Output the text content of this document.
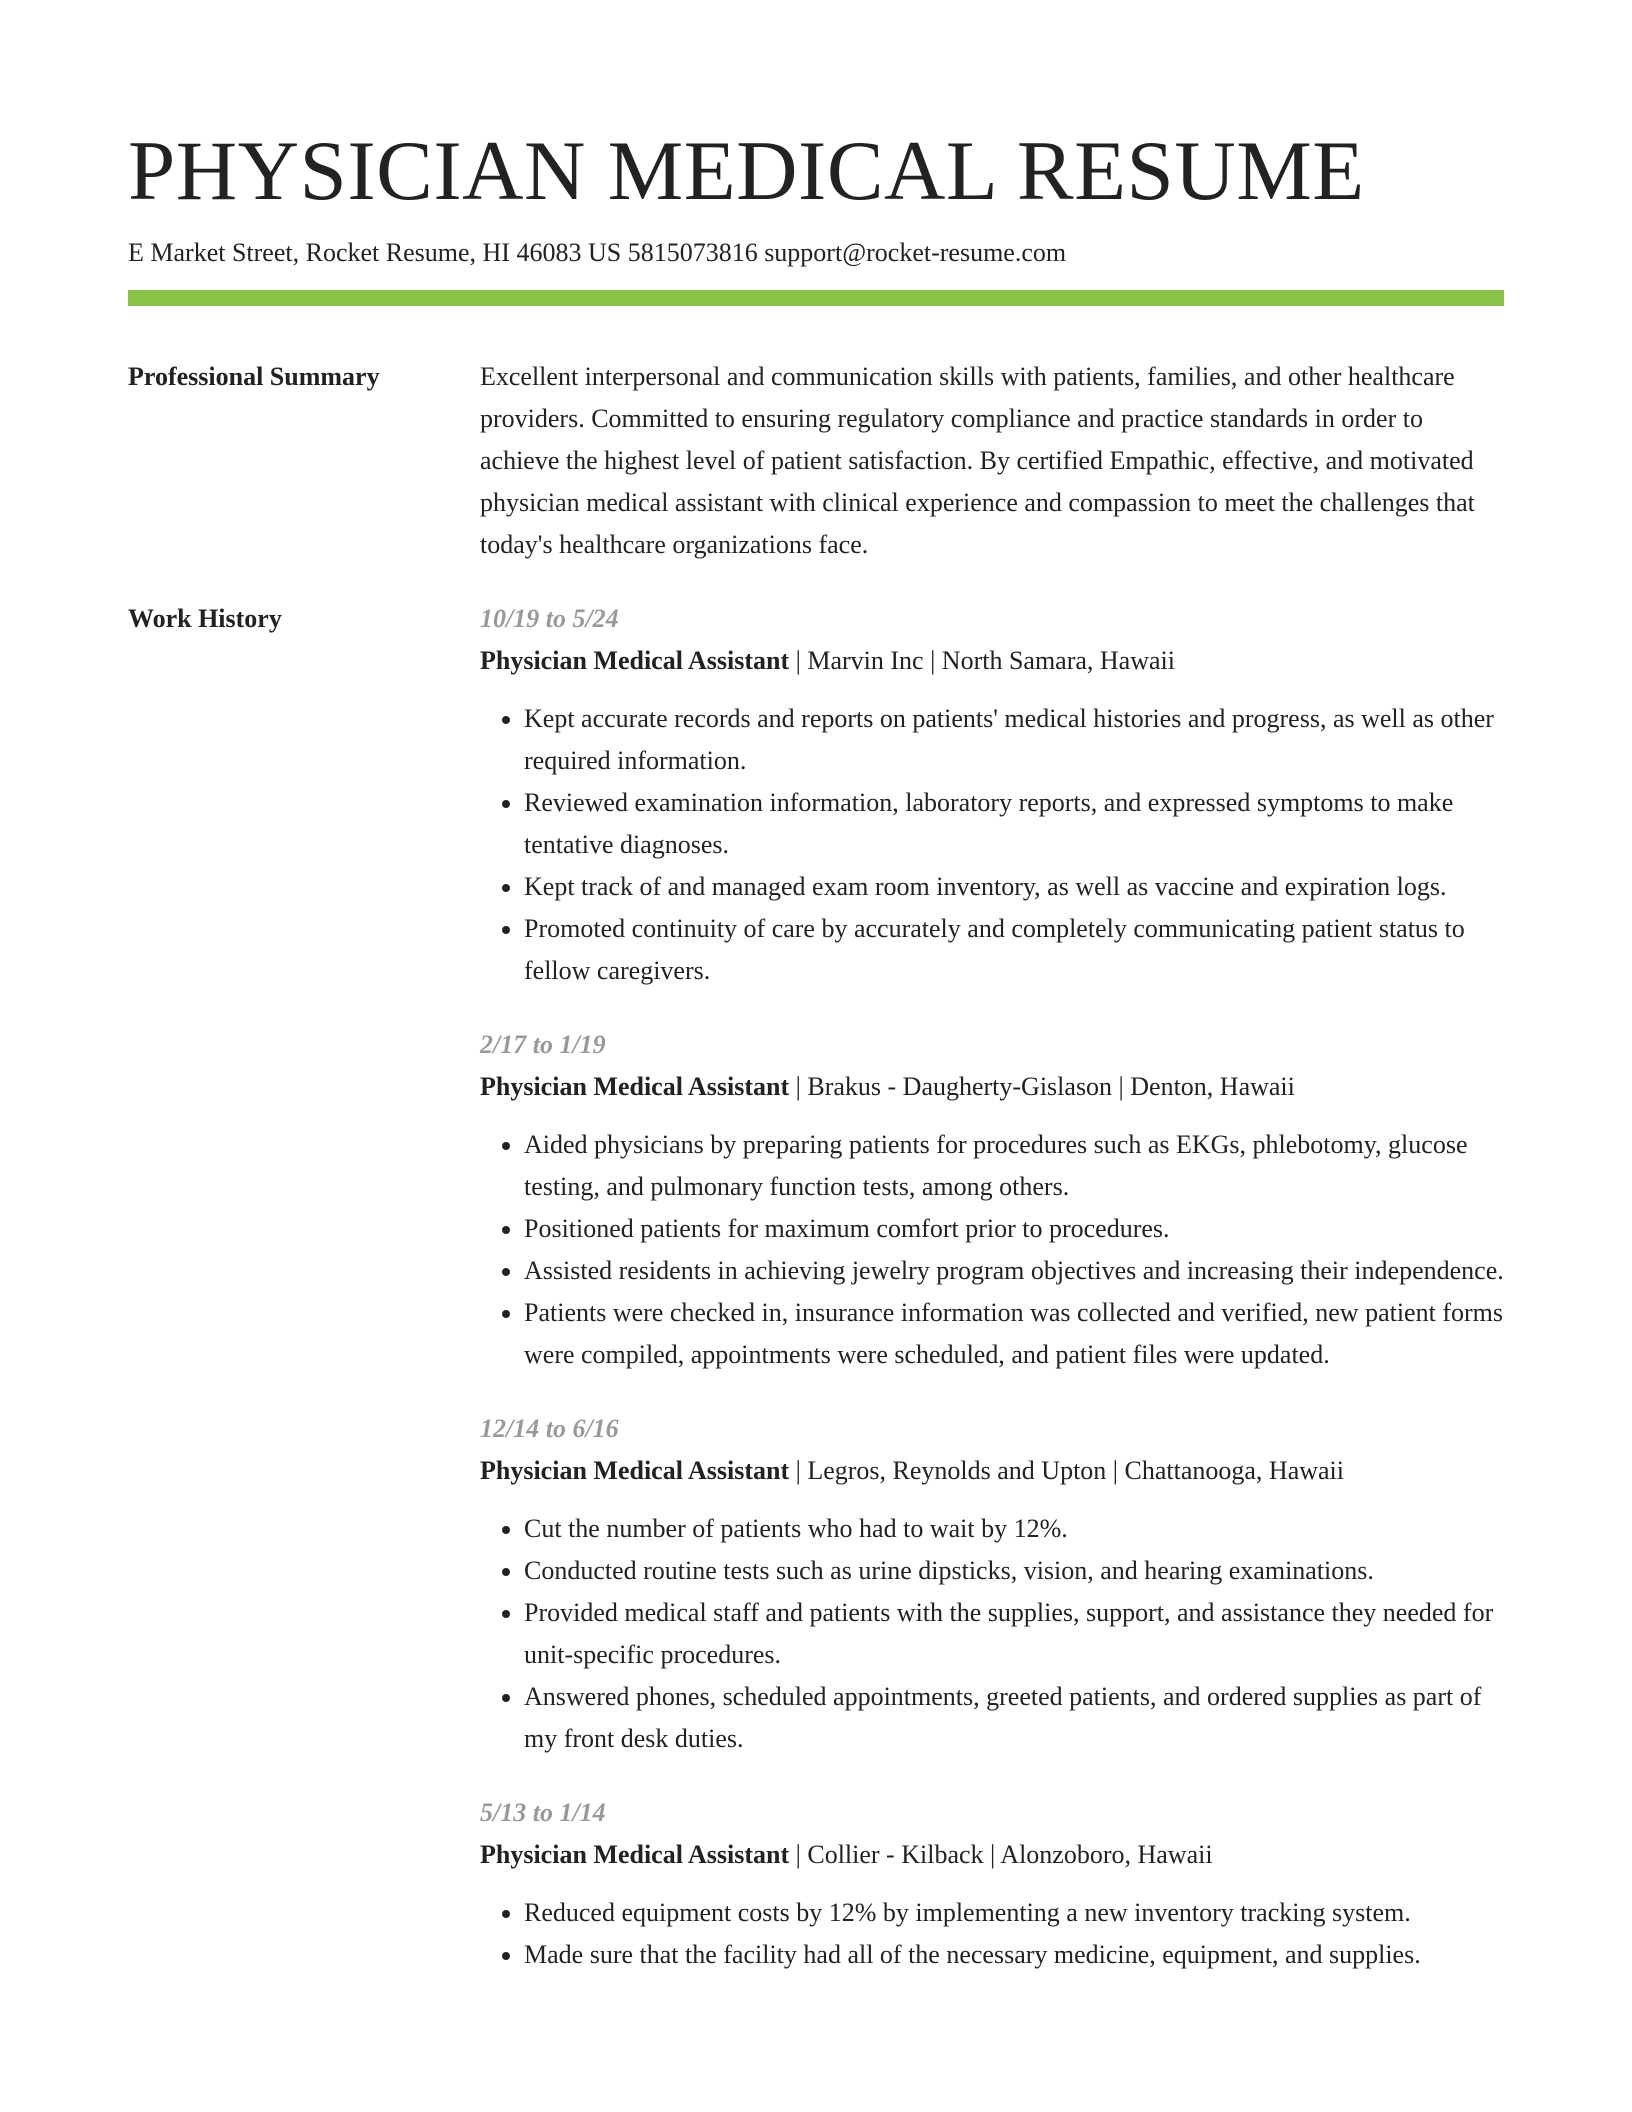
PHYSICIAN MEDICAL RESUME
E Market Street, Rocket Resume, HI 46083 US 5815073816 support@rocket-resume.com
Professional Summary	Excellent interpersonal and communication skills with patients, families, and other healthcare providers. Committed to ensuring regulatory compliance and practice standards in order to achieve the highest level of patient satisfaction. By certified Empathic, effective, and motivated physician medical assistant with clinical experience and compassion to meet the challenges that today's healthcare organizations face.

Work History	10/19 to 5/24
Physician Medical Assistant | Marvin Inc | North Samara, Hawaii
• Kept accurate records and reports on patients' medical histories and progress, as well as other required information.
• Reviewed examination information, laboratory reports, and expressed symptoms to make tentative diagnoses.
• Kept track of and managed exam room inventory, as well as vaccine and expiration logs.
• Promoted continuity of care by accurately and completely communicating patient status to fellow caregivers.
2/17 to 1/19
Physician Medical Assistant | Brakus - Daugherty-Gislason | Denton, Hawaii
• Aided physicians by preparing patients for procedures such as EKGs, phlebotomy, glucose testing, and pulmonary function tests, among others.
• Positioned patients for maximum comfort prior to procedures.
• Assisted residents in achieving jewelry program objectives and increasing their independence.
• Patients were checked in, insurance information was collected and verified, new patient forms were compiled, appointments were scheduled, and patient files were updated.
12/14 to 6/16
Physician Medical Assistant | Legros, Reynolds and Upton | Chattanooga, Hawaii
• Cut the number of patients who had to wait by 12%.
• Conducted routine tests such as urine dipsticks, vision, and hearing examinations.
• Provided medical staff and patients with the supplies, support, and assistance they needed for unit-specific procedures.
• Answered phones, scheduled appointments, greeted patients, and ordered supplies as part of my front desk duties.
5/13 to 1/14
Physician Medical Assistant | Collier - Kilback | Alonzoboro, Hawaii
• Reduced equipment costs by 12% by implementing a new inventory tracking system.
• Made sure that the facility had all of the necessary medicine, equipment, and supplies.
